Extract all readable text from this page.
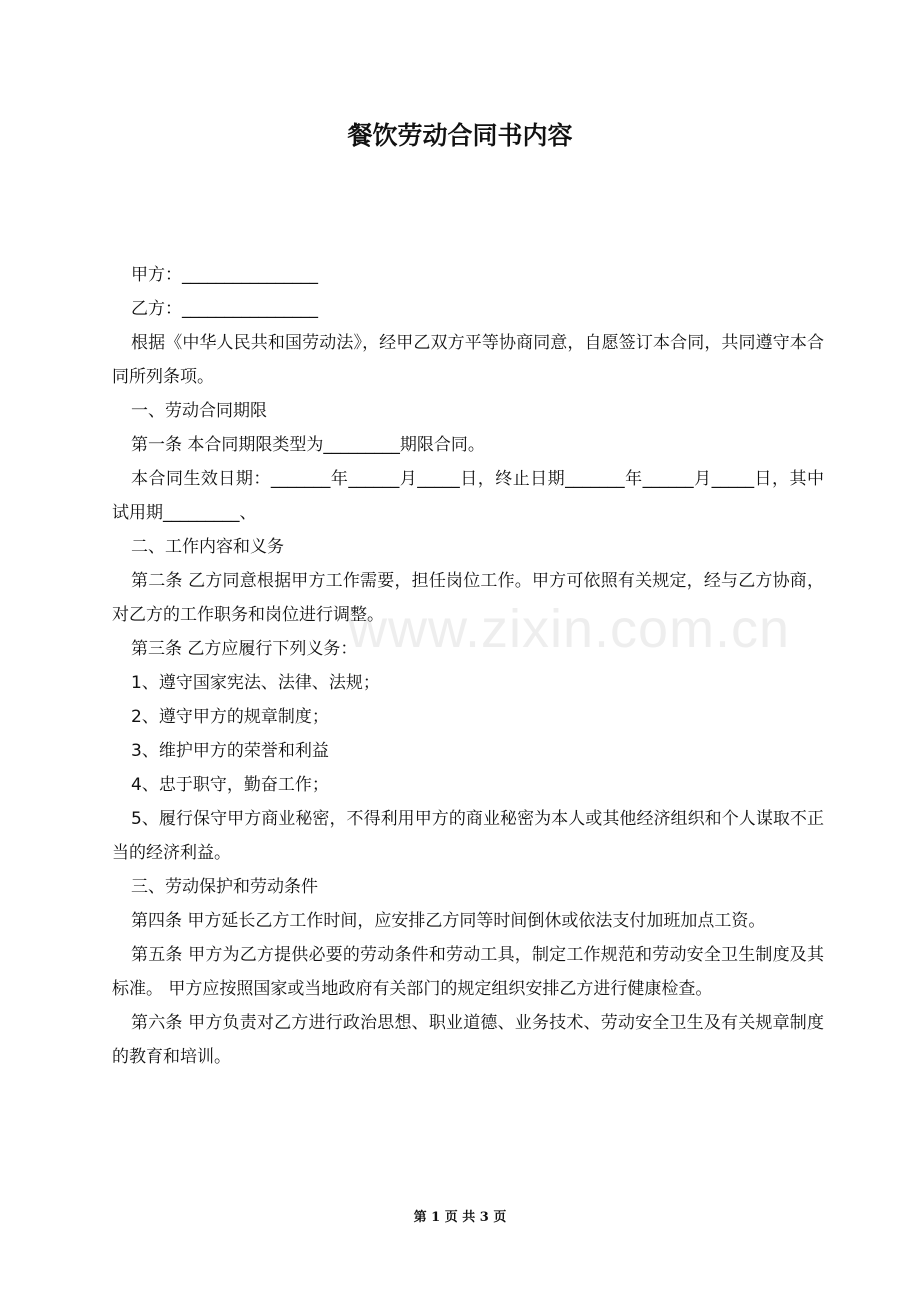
餐饮劳动合同书内容

甲方：________________

乙方：________________

根据《中华人民共和国劳动法》，经甲乙双方平等协商同意，自愿签订本合同，共同遵守本合同所列条项。

一、劳动合同期限

第一条 本合同期限类型为_________期限合同。

本合同生效日期：_______年______月_____日，终止日期_______年______月_____日，其中试用期_________、

二、工作内容和义务

第二条 乙方同意根据甲方工作需要，担任岗位工作。甲方可依照有关规定，经与乙方协商，对乙方的工作职务和岗位进行调整。

第三条 乙方应履行下列义务：

1、遵守国家宪法、法律、法规；

2、遵守甲方的规章制度；

3、维护甲方的荣誉和利益

4、忠于职守，勤奋工作；

5、履行保守甲方商业秘密，不得利用甲方的商业秘密为本人或其他经济组织和个人谋取不正当的经济利益。

三、劳动保护和劳动条件

第四条 甲方延长乙方工作时间，应安排乙方同等时间倒休或依法支付加班加点工资。

第五条 甲方为乙方提供必要的劳动条件和劳动工具，制定工作规范和劳动安全卫生制度及其标准。 甲方应按照国家或当地政府有关部门的规定组织安排乙方进行健康检查。

第六条 甲方负责对乙方进行政治思想、职业道德、业务技术、劳动安全卫生及有关规章制度的教育和培训。

www.zixin.com.cn
第 1 页 共 3 页
